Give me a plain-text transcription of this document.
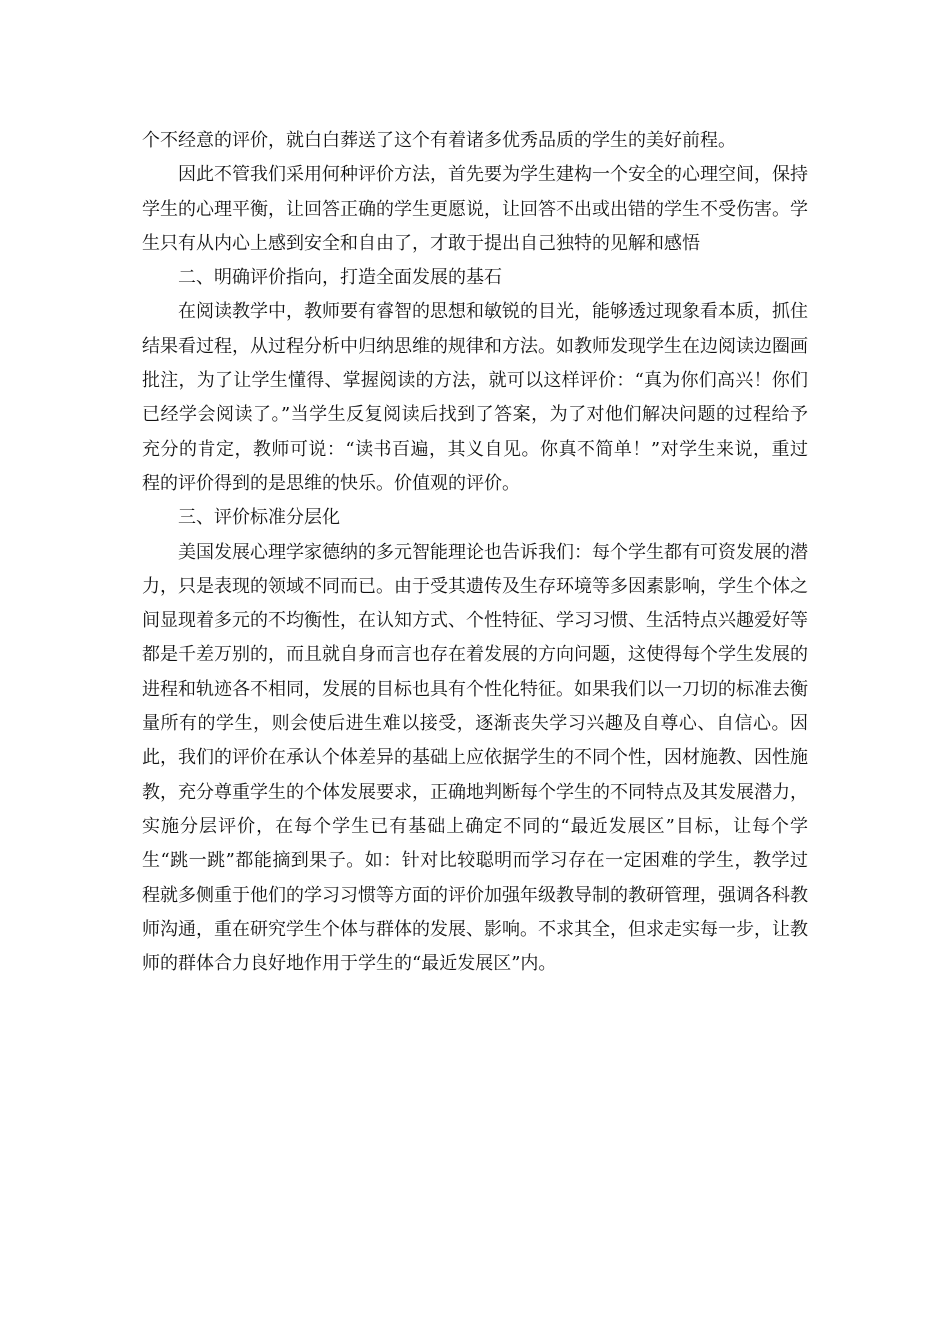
个不经意的评价，就白白葬送了这个有着诸多优秀品质的学生的美好前程。

因此不管我们采用何种评价方法，首先要为学生建构一个安全的心理空间，保持学生的心理平衡，让回答正确的学生更愿说，让回答不出或出错的学生不受伤害。学生只有从内心上感到安全和自由了，才敢于提出自己独特的见解和感悟

二、明确评价指向，打造全面发展的基石

在阅读教学中，教师要有睿智的思想和敏锐的目光，能够透过现象看本质，抓住结果看过程，从过程分析中归纳思维的规律和方法。如教师发现学生在边阅读边圈画批注，为了让学生懂得、掌握阅读的方法，就可以这样评价：“真为你们高兴！你们已经学会阅读了。”当学生反复阅读后找到了答案，为了对他们解决问题的过程给予充分的肯定，教师可说：“读书百遍，其义自见。你真不简单！”对学生来说，重过程的评价得到的是思维的快乐。价值观的评价。

三、评价标准分层化

美国发展心理学家德纳的多元智能理论也告诉我们：每个学生都有可资发展的潜力，只是表现的领域不同而已。由于受其遗传及生存环境等多因素影响，学生个体之间显现着多元的不均衡性，在认知方式、个性特征、学习习惯、生活特点兴趣爱好等都是千差万别的，而且就自身而言也存在着发展的方向问题，这使得每个学生发展的进程和轨迹各不相同，发展的目标也具有个性化特征。如果我们以一刀切的标准去衡量所有的学生，则会使后进生难以接受，逐渐丧失学习兴趣及自尊心、自信心。因此，我们的评价在承认个体差异的基础上应依据学生的不同个性，因材施教、因性施教，充分尊重学生的个体发展要求，正确地判断每个学生的不同特点及其发展潜力，实施分层评价，在每个学生已有基础上确定不同的“最近发展区”目标，让每个学生“跳一跳”都能摘到果子。如：针对比较聪明而学习存在一定困难的学生，教学过程就多侧重于他们的学习习惯等方面的评价加强年级教导制的教研管理，强调各科教师沟通，重在研究学生个体与群体的发展、影响。不求其全，但求走实每一步，让教师的群体合力良好地作用于学生的“最近发展区”内。
